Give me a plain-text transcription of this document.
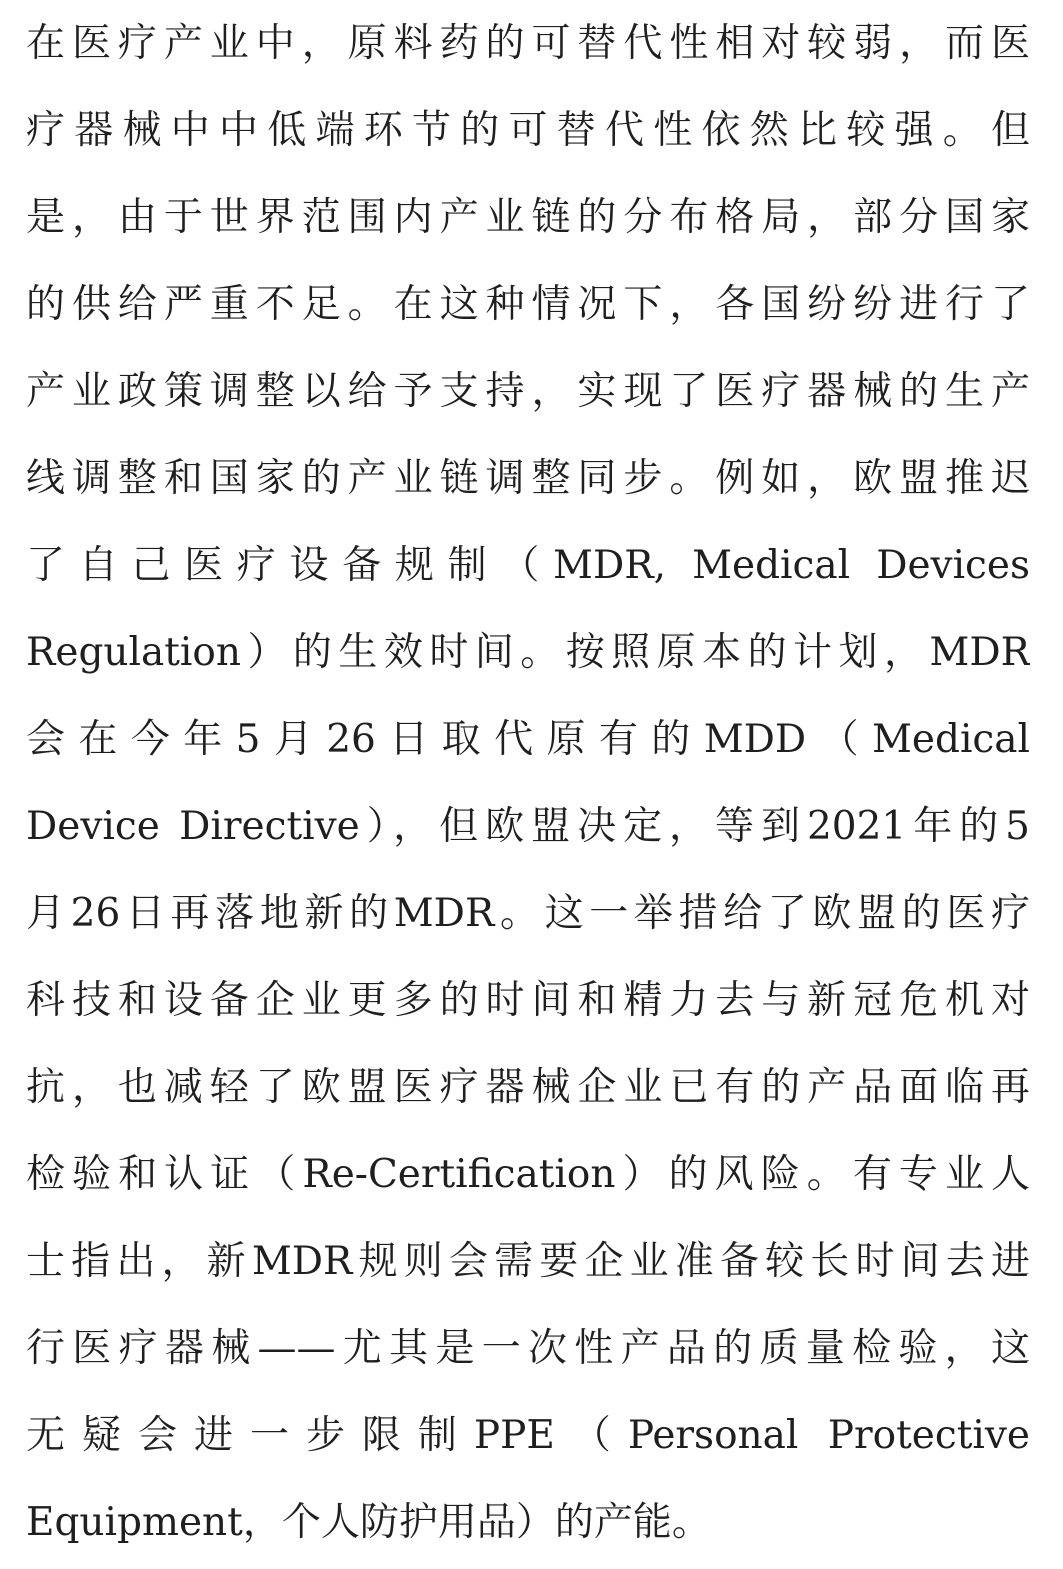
在医疗产业中，原料药的可替代性相对较弱，而医
疗器械中中低端环节的可替代性依然比较强。但
是，由于世界范围内产业链的分布格局，部分国家
的供给严重不足。在这种情况下，各国纷纷进行了
产业政策调整以给予支持，实现了医疗器械的生产
线调整和国家的产业链调整同步。例如，欧盟推迟
了自己医疗设备规制（MDR, Medical Devices
Regulation）的生效时间。按照原本的计划，MDR
会在今年5月26日取代原有的MDD（Medical
Device Directive），但欧盟决定，等到2021年的5
月26日再落地新的MDR。这一举措给了欧盟的医疗
科技和设备企业更多的时间和精力去与新冠危机对
抗，也减轻了欧盟医疗器械企业已有的产品面临再
检验和认证（Re-Certification）的风险。有专业人
士指出，新MDR规则会需要企业准备较长时间去进
行医疗器械——尤其是一次性产品的质量检验，这
无疑会进一步限制PPE（Personal Protective
Equipment，个人防护用品）的产能。
